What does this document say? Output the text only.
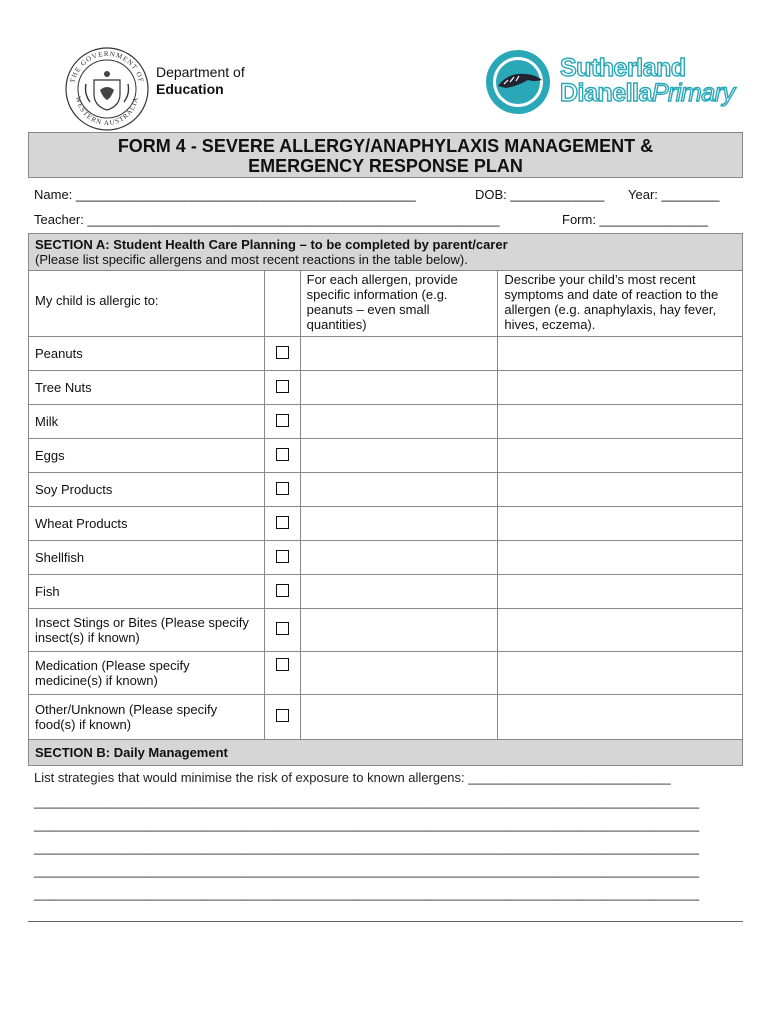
THE GOVERNMENT OF
WESTERN AUSTRALIA
Department of
Education
Sutherland
DianellaPrimary
FORM 4 - SEVERE ALLERGY/ANAPHYLAXIS MANAGEMENT &
EMERGENCY RESPONSE PLAN
Name: _______________________________________________	DOB: _____________ Year: ________
Teacher: _________________________________________________________	Form: _______________
SECTION A: Student Health Care Planning – to be completed by parent/carer
(Please list specific allergens and most recent reactions in the table below).			

My child is allergic to:		For each allergen, provide specific information (e.g. peanuts – even small quantities)	Describe your child’s most recent symptoms and date of reaction to the allergen (e.g. anaphylaxis, hay fever, hives, eczema).
Peanuts			
Tree Nuts			
Milk			
Eggs			
Soy Products			
Wheat Products			
Shellfish			
Fish			
Insect Stings or Bites (Please specify insect(s) if known)			
Medication (Please specify medicine(s) if known)			
Other/Unknown (Please specify food(s) if known)			
SECTION B: Daily Management			
List strategies that would minimise the risk of exposure to known allergens: ____________________________
____________________________________________________________________________________________
____________________________________________________________________________________________
____________________________________________________________________________________________
____________________________________________________________________________________________
____________________________________________________________________________________________
